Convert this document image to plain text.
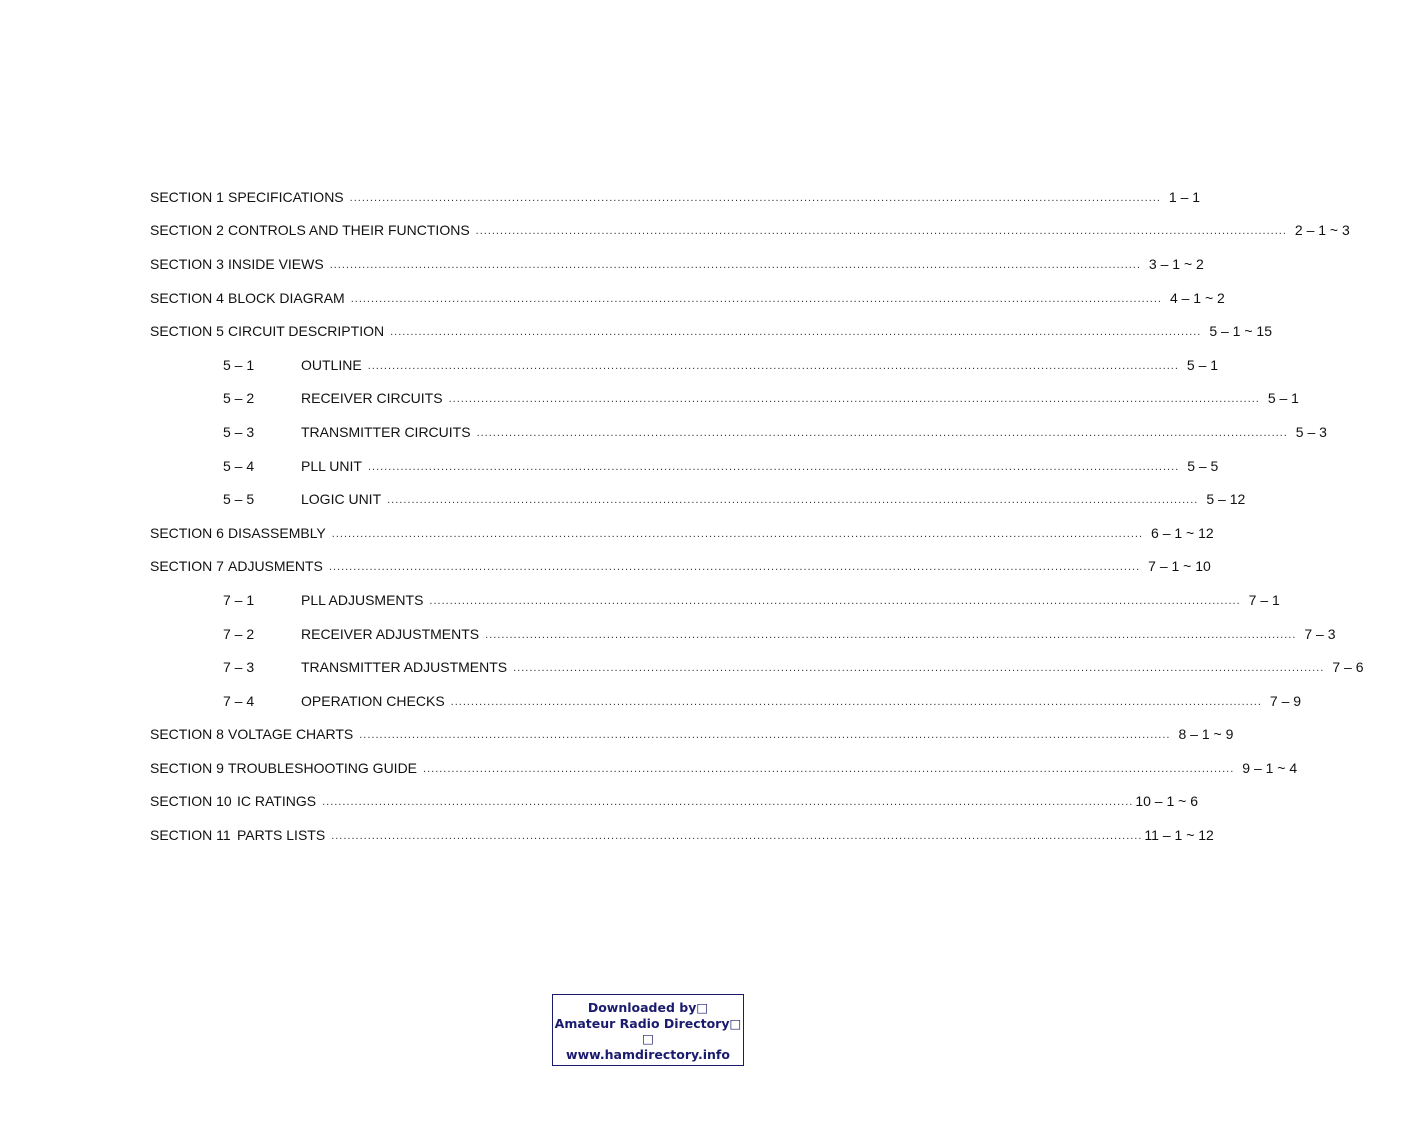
SECTION 1 SPECIFICATIONS ........................................................................................................................................................................................................ 1 – 1
SECTION 2 CONTROLS AND THEIR FUNCTIONS ........................................................................................................................................................................................................ 2 – 1 ~ 3
SECTION 3 INSIDE VIEWS ........................................................................................................................................................................................................ 3 – 1 ~ 2
SECTION 4 BLOCK DIAGRAM ........................................................................................................................................................................................................ 4 – 1 ~ 2
SECTION 5 CIRCUIT DESCRIPTION ........................................................................................................................................................................................................ 5 – 1 ~ 15
5 – 1	OUTLINE ........................................................................................................................................................................................................ 5 – 1
5 – 2	RECEIVER CIRCUITS ........................................................................................................................................................................................................ 5 – 1
5 – 3	TRANSMITTER CIRCUITS ........................................................................................................................................................................................................ 5 – 3
5 – 4	PLL UNIT ........................................................................................................................................................................................................ 5 – 5
5 – 5	LOGIC UNIT ........................................................................................................................................................................................................ 5 – 12
SECTION 6 DISASSEMBLY ........................................................................................................................................................................................................ 6 – 1 ~ 12
SECTION 7 ADJUSMENTS ........................................................................................................................................................................................................ 7 – 1 ~ 10
7 – 1	PLL ADJUSMENTS ........................................................................................................................................................................................................ 7 – 1
7 – 2	RECEIVER ADJUSTMENTS ........................................................................................................................................................................................................ 7 – 3
7 – 3	TRANSMITTER ADJUSTMENTS ........................................................................................................................................................................................................ 7 – 6
7 – 4	OPERATION CHECKS ........................................................................................................................................................................................................ 7 – 9
SECTION 8 VOLTAGE CHARTS ........................................................................................................................................................................................................ 8 – 1 ~ 9
SECTION 9 TROUBLESHOOTING GUIDE ........................................................................................................................................................................................................ 9 – 1 ~ 4
SECTION 10 IC RATINGS ........................................................................................................................................................................................................ 10 – 1 ~ 6
SECTION 11 PARTS LISTS ........................................................................................................................................................................................................ 11 – 1 ~ 12
Downloaded by□
Amateur Radio Directory□
□
www.hamdirectory.info
